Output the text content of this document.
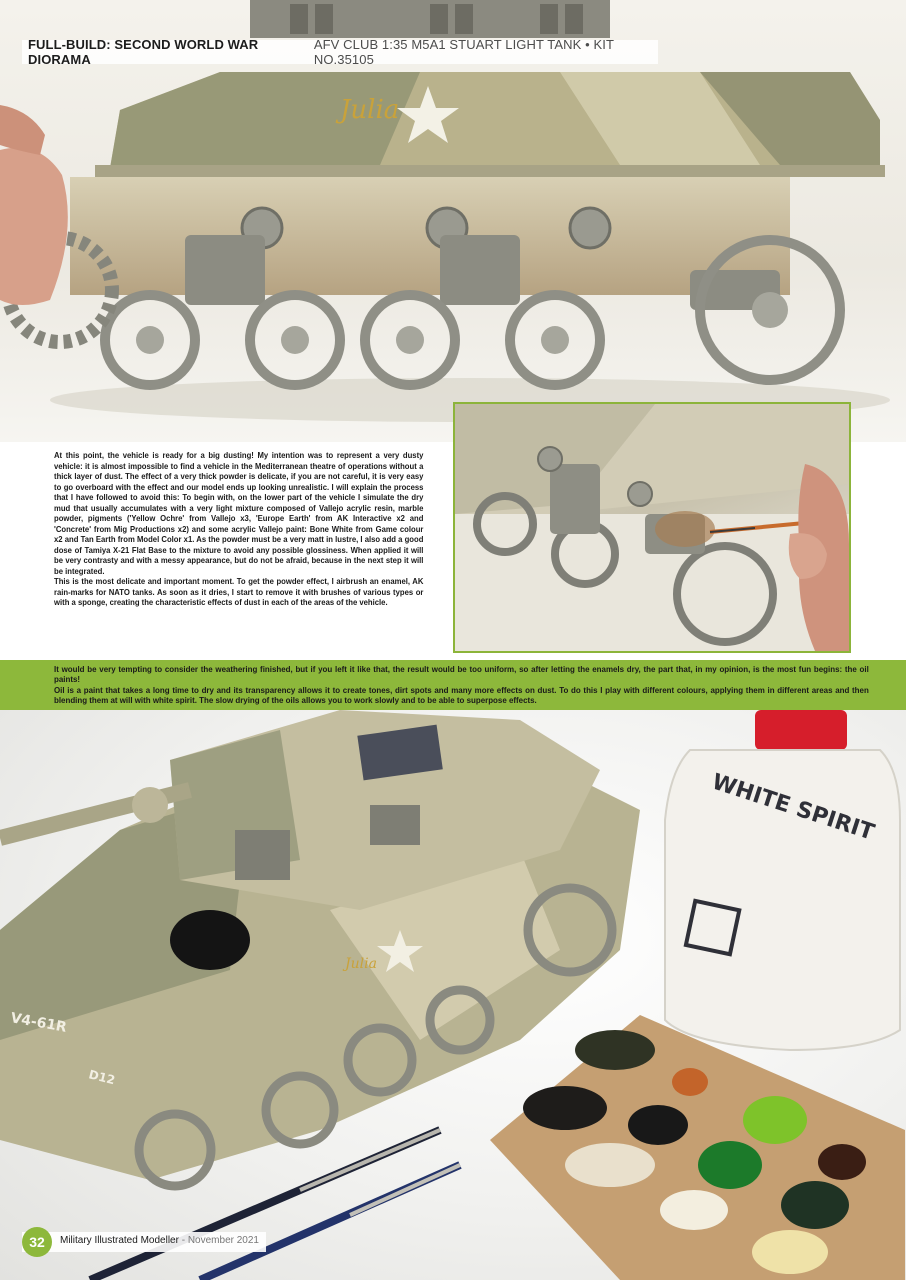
Julia
FULL-BUILD: SECOND WORLD WAR DIORAMA
AFV CLUB 1:35 M5A1 STUART LIGHT TANK • KIT NO.35105

At this point, the vehicle is ready for a big dusting! My intention was to represent a very dusty vehicle: it is almost impossible to find a vehicle in the Mediterranean theatre of operations without a thick layer of dust. The effect of a very thick powder is delicate, if you are not careful, it is very easy to go overboard with the effect and our model ends up looking unrealistic. I will explain the process that I have followed to avoid this: To begin with, on the lower part of the vehicle I simulate the dry mud that usually accumulates with a very light mixture composed of Vallejo acrylic resin, marble powder, pigments ('Yellow Ochre' from Vallejo x3, 'Europe Earth' from AK Interactive x2 and 'Concrete' from Mig Productions x2) and some acrylic Vallejo paint: Bone White from Game colour x2 and Tan Earth from Model Color x1. As the powder must be a very matt in lustre, I also add a good dose of Tamiya X-21 Flat Base to the mixture to avoid any possible glossiness. When applied it will be very contrasty and with a messy appearance, but do not be afraid, because in the next step it will be integrated.

This is the most delicate and important moment. To get the powder effect, I airbrush an enamel, AK rain-marks for NATO tanks. As soon as it dries, I start to remove it with brushes of various types or with a sponge, creating the characteristic effects of dust in each of the areas of the vehicle.

It would be very tempting to consider the weathering finished, but if you left it like that, the result would be too uniform, so after letting the enamels dry, the part that, in my opinion, is the most fun begins: the oil paints!

Oil is a paint that takes a long time to dry and its transparency allows it to create tones, dirt spots and many more effects on dust. To do this I play with different colours, applying them in different areas and then blending them at will with white spirit. The slow drying of the oils allows you to work slowly and to be able to superpose effects.

Julia
V4-61R
D12
WHITE SPIRIT
32	Military Illustrated Modeller - November 2021
